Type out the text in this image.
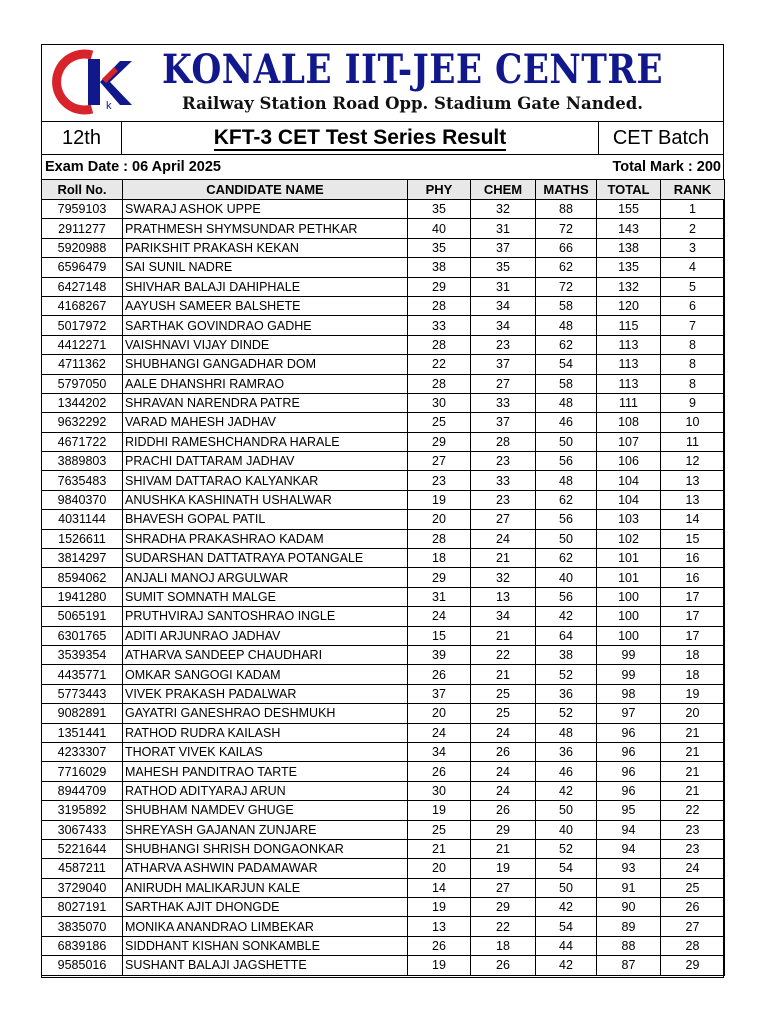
k
KONALE IIT-JEE CENTRE
Railway Station Road Opp. Stadium Gate Nanded.
12th	KFT-3 CET Test Series Result	CET Batch
Exam Date : 06 April 2025	Total Mark : 200
Roll No.	CANDIDATE NAME	PHY	CHEM	MATHS	TOTAL	RANK
7959103	SWARAJ ASHOK UPPE	35	32	88	155	1
2911277	PRATHMESH SHYMSUNDAR PETHKAR	40	31	72	143	2
5920988	PARIKSHIT PRAKASH KEKAN	35	37	66	138	3
6596479	SAI SUNIL NADRE	38	35	62	135	4
6427148	SHIVHAR BALAJI DAHIPHALE	29	31	72	132	5
4168267	AAYUSH SAMEER BALSHETE	28	34	58	120	6
5017972	SARTHAK GOVINDRAO GADHE	33	34	48	115	7
4412271	VAISHNAVI VIJAY DINDE	28	23	62	113	8
4711362	SHUBHANGI GANGADHAR DOM	22	37	54	113	8
5797050	AALE DHANSHRI RAMRAO	28	27	58	113	8
1344202	SHRAVAN NARENDRA PATRE	30	33	48	111	9
9632292	VARAD MAHESH JADHAV	25	37	46	108	10
4671722	RIDDHI RAMESHCHANDRA HARALE	29	28	50	107	11
3889803	PRACHI DATTARAM JADHAV	27	23	56	106	12
7635483	SHIVAM DATTARAO KALYANKAR	23	33	48	104	13
9840370	ANUSHKA KASHINATH USHALWAR	19	23	62	104	13
4031144	BHAVESH GOPAL PATIL	20	27	56	103	14
1526611	SHRADHA PRAKASHRAO KADAM	28	24	50	102	15
3814297	SUDARSHAN DATTATRAYA POTANGALE	18	21	62	101	16
8594062	ANJALI MANOJ ARGULWAR	29	32	40	101	16
1941280	SUMIT SOMNATH MALGE	31	13	56	100	17
5065191	PRUTHVIRAJ SANTOSHRAO INGLE	24	34	42	100	17
6301765	ADITI ARJUNRAO JADHAV	15	21	64	100	17
3539354	ATHARVA SANDEEP CHAUDHARI	39	22	38	99	18
4435771	OMKAR SANGOGI KADAM	26	21	52	99	18
5773443	VIVEK PRAKASH PADALWAR	37	25	36	98	19
9082891	GAYATRI GANESHRAO DESHMUKH	20	25	52	97	20
1351441	RATHOD RUDRA KAILASH	24	24	48	96	21
4233307	THORAT VIVEK KAILAS	34	26	36	96	21
7716029	MAHESH PANDITRAO TARTE	26	24	46	96	21
8944709	RATHOD ADITYARAJ ARUN	30	24	42	96	21
3195892	SHUBHAM NAMDEV GHUGE	19	26	50	95	22
3067433	SHREYASH GAJANAN ZUNJARE	25	29	40	94	23
5221644	SHUBHANGI SHRISH DONGAONKAR	21	21	52	94	23
4587211	ATHARVA ASHWIN PADAMAWAR	20	19	54	93	24
3729040	ANIRUDH MALIKARJUN KALE	14	27	50	91	25
8027191	SARTHAK AJIT DHONGDE	19	29	42	90	26
3835070	MONIKA ANANDRAO LIMBEKAR	13	22	54	89	27
6839186	SIDDHANT KISHAN SONKAMBLE	26	18	44	88	28
9585016	SUSHANT BALAJI JAGSHETTE	19	26	42	87	29
